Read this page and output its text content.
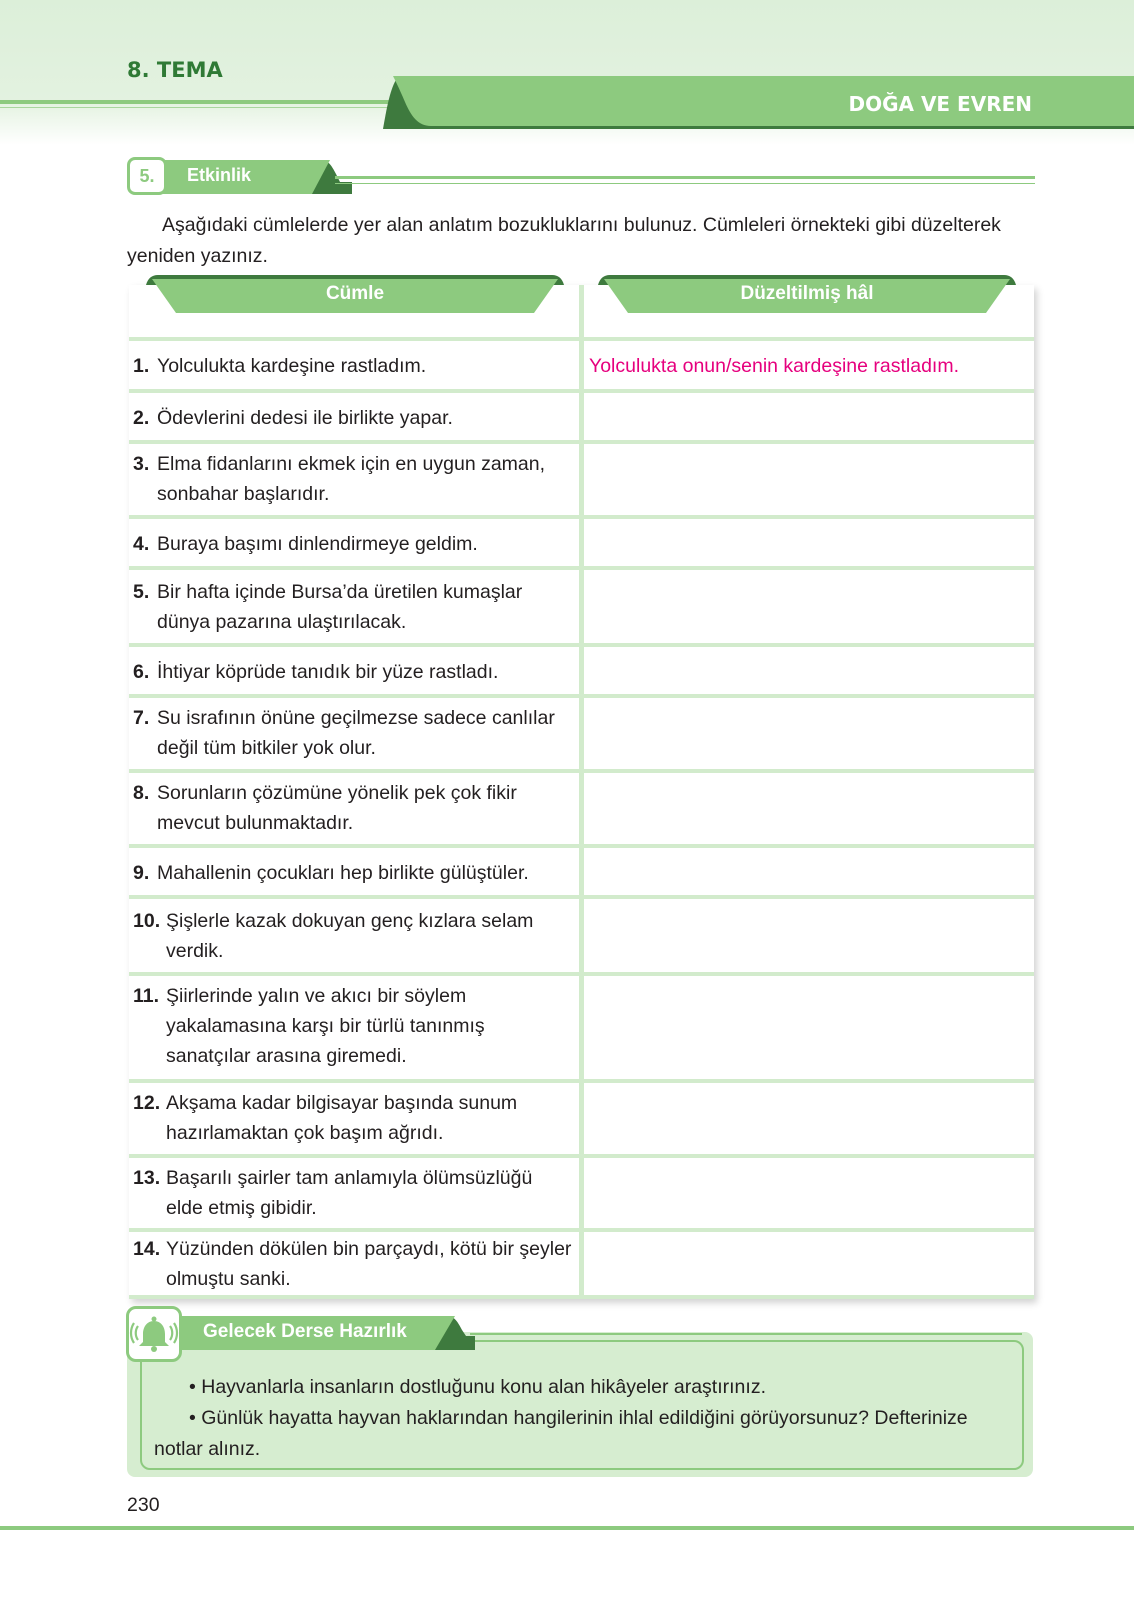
8. TEMA
DOĞA VE EVREN
5.	Etkinlik
Aşağıdaki cümlelerde yer alan anlatım bozukluklarını bulunuz. Cümleleri örnekteki gibi düzelterek yeniden yazınız.
Cümle	Düzeltilmiş hâl
1. Yolculukta kardeşine rastladım.	Yolculukta onun/senin kardeşine rastladım.
2. Ödevlerini dedesi ile birlikte yapar.
3. Elma fidanlarını ekmek için en uygun zaman, sonbahar başlarıdır.
4. Buraya başımı dinlendirmeye geldim.
5. Bir hafta içinde Bursa’da üretilen kumaşlar dünya pazarına ulaştırılacak.
6. İhtiyar köprüde tanıdık bir yüze rastladı.
7. Su israfının önüne geçilmezse sadece canlılar değil tüm bitkiler yok olur.
8. Sorunların çözümüne yönelik pek çok fikir mevcut bulunmaktadır.
9. Mahallenin çocukları hep birlikte gülüştüler.
10. Şişlerle kazak dokuyan genç kızlara selam verdik.
11. Şiirlerinde yalın ve akıcı bir söylem yakalamasına karşı bir türlü tanınmış sanatçılar arasına giremedi.
12. Akşama kadar bilgisayar başında sunum hazırlamaktan çok başım ağrıdı.
13. Başarılı şairler tam anlamıyla ölümsüzlüğü elde etmiş gibidir.
14. Yüzünden dökülen bin parçaydı, kötü bir şeyler olmuştu sanki.
Gelecek Derse Hazırlık

• Hayvanlarla insanların dostluğunu konu alan hikâyeler araştırınız.

• Günlük hayatta hayvan haklarından hangilerinin ihlal edildiğini görüyorsunuz? Defterinize notlar alınız.

230
